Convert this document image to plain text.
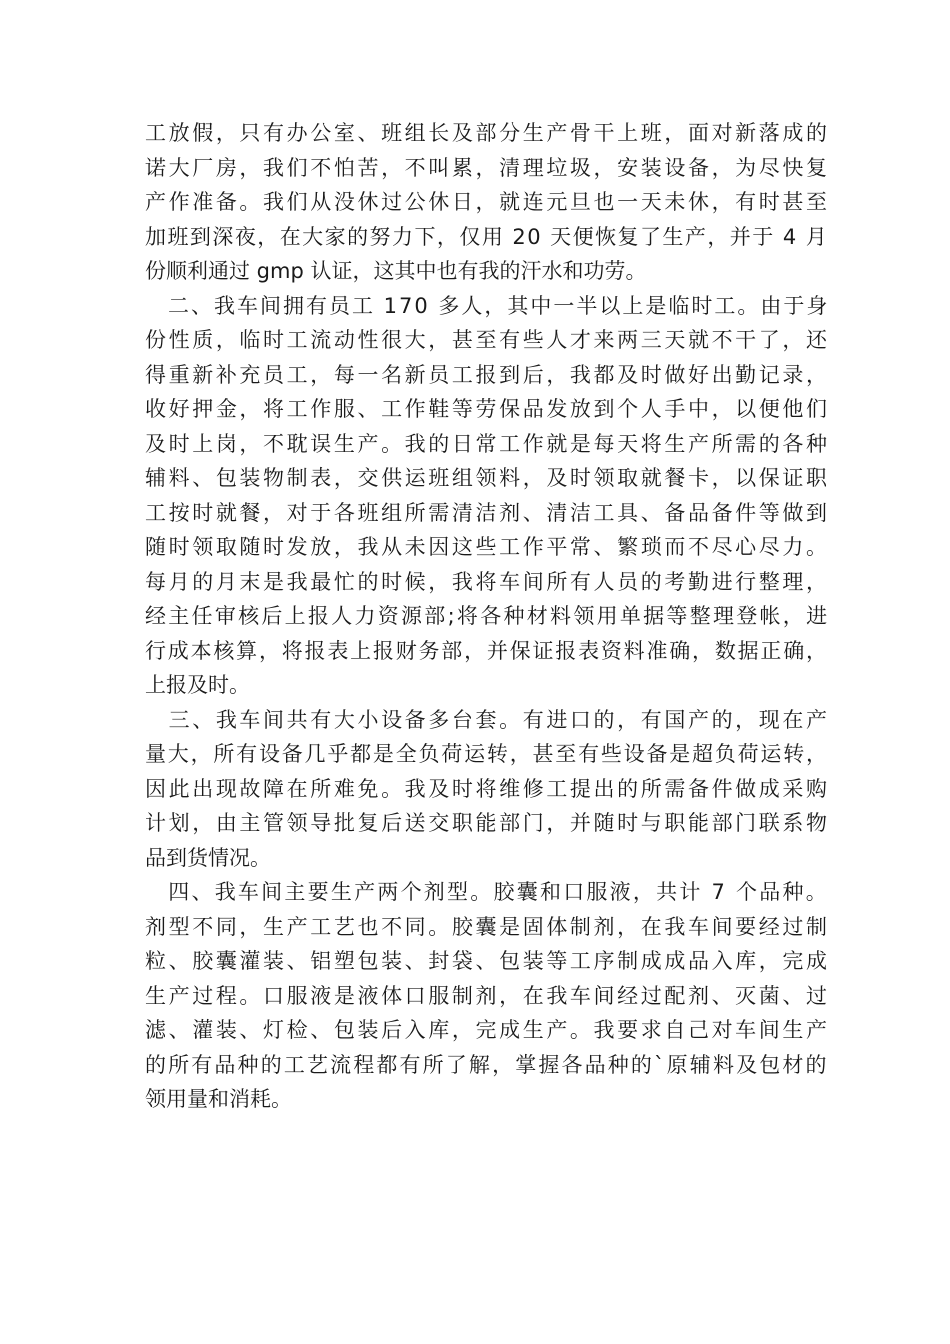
工放假，只有办公室、班组长及部分生产骨干上班，面对新落成的
诺大厂房，我们不怕苦，不叫累，清理垃圾，安装设备，为尽快复
产作准备。我们从没休过公休日，就连元旦也一天未休，有时甚至
加班到深夜，在大家的努力下，仅用 20 天便恢复了生产，并于 4 月
份顺利通过 gmp 认证，这其中也有我的汗水和功劳。
　二、我车间拥有员工 170 多人，其中一半以上是临时工。由于身
份性质，临时工流动性很大，甚至有些人才来两三天就不干了，还
得重新补充员工，每一名新员工报到后，我都及时做好出勤记录，
收好押金，将工作服、工作鞋等劳保品发放到个人手中，以便他们
及时上岗，不耽误生产。我的日常工作就是每天将生产所需的各种
辅料、包装物制表，交供运班组领料，及时领取就餐卡，以保证职
工按时就餐，对于各班组所需清洁剂、清洁工具、备品备件等做到
随时领取随时发放，我从未因这些工作平常、繁琐而不尽心尽力。
每月的月末是我最忙的时候，我将车间所有人员的考勤进行整理，
经主任审核后上报人力资源部;将各种材料领用单据等整理登帐，进
行成本核算，将报表上报财务部，并保证报表资料准确，数据正确，
上报及时。
　三、我车间共有大小设备多台套。有进口的，有国产的，现在产
量大，所有设备几乎都是全负荷运转，甚至有些设备是超负荷运转，
因此出现故障在所难免。我及时将维修工提出的所需备件做成采购
计划，由主管领导批复后送交职能部门，并随时与职能部门联系物
品到货情况。
　四、我车间主要生产两个剂型。胶囊和口服液，共计 7 个品种。
剂型不同，生产工艺也不同。胶囊是固体制剂，在我车间要经过制
粒、胶囊灌装、铝塑包装、封袋、包装等工序制成成品入库，完成
生产过程。口服液是液体口服制剂，在我车间经过配剂、灭菌、过
滤、灌装、灯检、包装后入库，完成生产。我要求自己对车间生产
的所有品种的工艺流程都有所了解，掌握各品种的`原辅料及包材的
领用量和消耗。
